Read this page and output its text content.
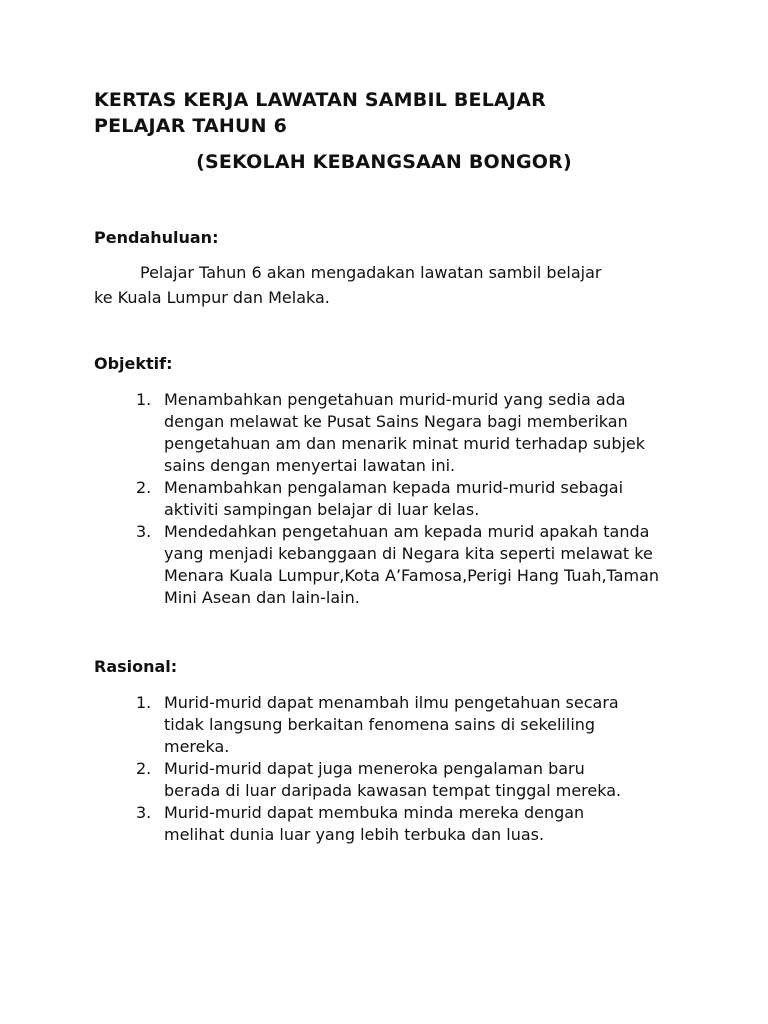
KERTAS KERJA LAWATAN SAMBIL BELAJAR
PELAJAR TAHUN 6
(SEKOLAH KEBANGSAAN BONGOR)
Pendahuluan:
Pelajar Tahun 6 akan mengadakan lawatan sambil belajar
ke Kuala Lumpur dan Melaka.
Objektif:
1. Menambahkan pengetahuan murid-murid yang sedia ada dengan melawat ke Pusat Sains Negara bagi memberikan pengetahuan am dan menarik minat murid terhadap subjek sains dengan menyertai lawatan ini.
2. Menambahkan pengalaman kepada murid-murid sebagai aktiviti sampingan belajar di luar kelas.
3. Mendedahkan pengetahuan am kepada murid apakah tanda yang menjadi kebanggaan di Negara kita seperti melawat ke Menara Kuala Lumpur,Kota A’Famosa,Perigi Hang Tuah,Taman Mini Asean dan lain-lain.
Rasional:
1. Murid-murid dapat menambah ilmu pengetahuan secara tidak langsung berkaitan fenomena sains di sekeliling mereka.
2. Murid-murid dapat juga meneroka pengalaman baru berada di luar daripada kawasan tempat tinggal mereka.
3. Murid-murid dapat membuka minda mereka dengan melihat dunia luar yang lebih terbuka dan luas.
